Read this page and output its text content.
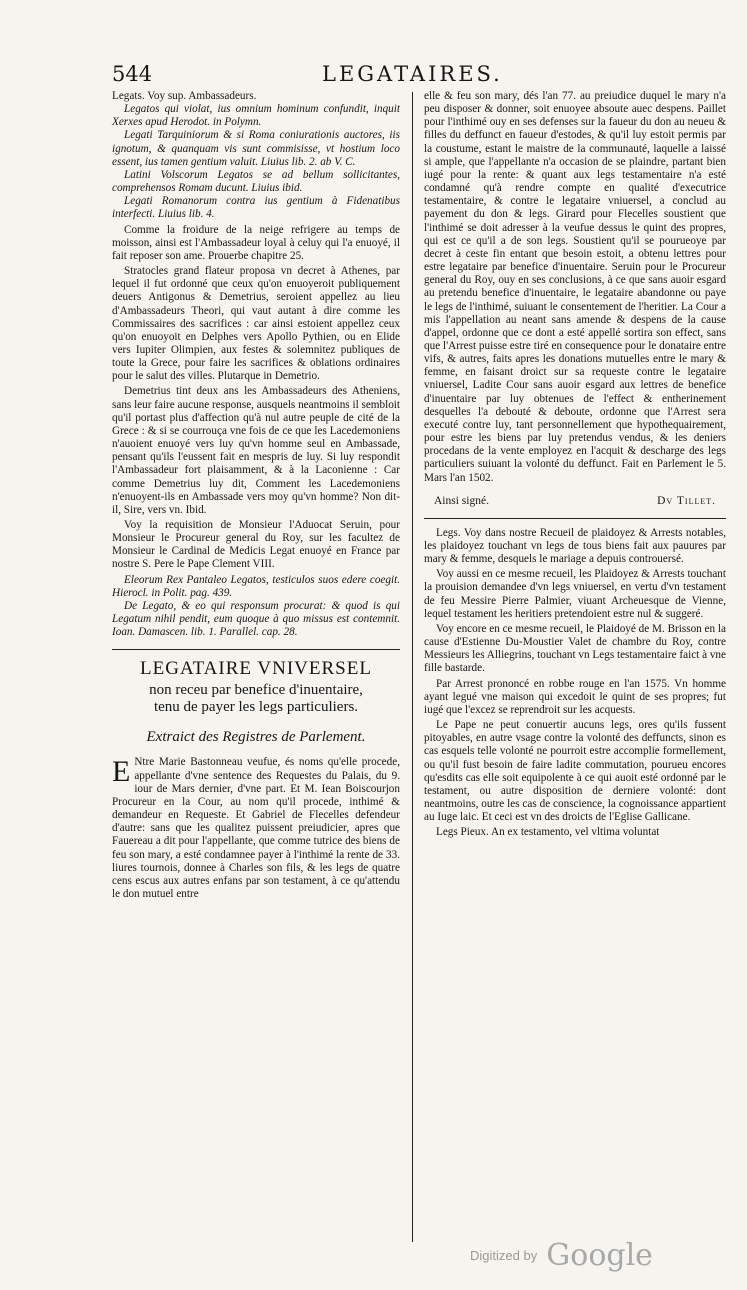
544	LEGATAIRES.

Legats. Voy sup. Ambassadeurs.

Legatos qui violat, ius omnium hominum confundit, inquit Xerxes apud Herodot. in Polymn.

Legati Tarquiniorum & si Roma coniurationis auctores, iis ignotum, & quanquam vis sunt commisisse, vt hostium loco essent, ius tamen gentium valuit. Liuius lib. 2. ab V. C.

Latini Volscorum Legatos se ad bellum sollicitantes, comprehensos Romam ducunt. Liuius ibid.

Legati Romanorum contra ius gentium à Fidenatibus interfecti. Liuius lib. 4.

Comme la froidure de la neige refrigere au temps de moisson, ainsi est l'Ambassadeur loyal à celuy qui l'a enuoyé, il fait reposer son ame. Prouerbe chapitre 25.

Stratocles grand flateur proposa vn decret à Athenes, par lequel il fut ordonné que ceux qu'on enuoyeroit publiquement deuers Antigonus & Demetrius, seroient appellez au lieu d'Ambassadeurs Theori, qui vaut autant à dire comme les Commissaires des sacrifices : car ainsi estoient appellez ceux qu'on enuoyoit en Delphes vers Apollo Pythien, ou en Elide vers Iupiter Olimpien, aux festes & solemnitez publiques de toute la Grece, pour faire les sacrifices & oblations ordinaires pour le salut des villes. Plutarque in Demetrio.

Demetrius tint deux ans les Ambassadeurs des Atheniens, sans leur faire aucune response, ausquels neantmoins il sembloit qu'il portast plus d'affection qu'à nul autre peuple de cité de la Grece : & si se courrouça vne fois de ce que les Lacedemoniens n'auoient enuoyé vers luy qu'vn homme seul en Ambassade, pensant qu'ils l'eussent fait en mespris de luy. Si luy respondit l'Ambassadeur fort plaisamment, & à la Laconienne : Car comme Demetrius luy dit, Comment les Lacedemoniens n'enuoyent-ils en Ambassade vers moy qu'vn homme? Non dit-il, Sire, vers vn. Ibid.

Voy la requisition de Monsieur l'Aduocat Seruin, pour Monsieur le Procureur general du Roy, sur les facultez de Monsieur le Cardinal de Medicis Legat enuoyé en France par nostre S. Pere le Pape Clement VIII.

Eleorum Rex Pantaleo Legatos, testiculos suos edere coegit. Hierocl. in Polit. pag. 439.

De Legato, & eo qui responsum procurat: & quod is qui Legatum nihil pendit, eum quoque à quo missus est contemnit. Ioan. Damascen. lib. 1. Parallel. cap. 28.

LEGATAIRE VNIVERSEL
non receu par benefice d'inuentaire,
tenu de payer les legs particuliers.
Extraict des Registres de Parlement.

E Ntre Marie Bastonneau veufue, és noms qu'elle procede, appellante d'vne sentence des Requestes du Palais, du 9. iour de Mars dernier, d'vne part. Et M. Iean Boiscourjon Procureur en la Cour, au nom qu'il procede, inthimé & demandeur en Requeste. Et Gabriel de Flecelles defendeur d'autre: sans que les qualitez puissent preiudicier, apres que Fauereau a dit pour l'appellante, que comme tutrice des biens de feu son mary, a esté condamnee payer à l'inthimé la rente de 33. liures tournois, donnee à Charles son fils, & les legs de quatre cens escus aux autres enfans par son testament, à ce qu'attendu le don mutuel entre

elle & feu son mary, dés l'an 77. au preiudice duquel le mary n'a peu disposer & donner, soit enuoyee absoute auec despens. Paillet pour l'inthimé ouy en ses defenses sur la faueur du don au neueu & filles du deffunct en faueur d'estodes, & qu'il luy estoit permis par la coustume, estant le maistre de la communauté, laquelle a laissé si ample, que l'appellante n'a occasion de se plaindre, partant bien iugé pour la rente: & quant aux legs testamentaire n'a esté condamné qu'à rendre compte en qualité d'executrice testamentaire, & contre le legataire vniuersel, a conclud au payement du don & legs. Girard pour Flecelles soustient que l'inthimé se doit adresser à la veufue dessus le quint des propres, qui est ce qu'il a de son legs. Soustient qu'il se pourueoye par decret à ceste fin entant que besoin estoit, a obtenu lettres pour estre legataire par benefice d'inuentaire. Seruin pour le Procureur general du Roy, ouy en ses conclusions, à ce que sans auoir esgard au pretendu benefice d'inuentaire, le legataire abandonne ou paye le legs de l'inthimé, suiuant le consentement de l'heritier. La Cour a mis l'appellation au neant sans amende & despens de la cause d'appel, ordonne que ce dont a esté appellé sortira son effect, sans que l'Arrest puisse estre tiré en consequence pour le donataire entre vifs, & autres, faits apres les donations mutuelles entre le mary & femme, en faisant droict sur sa requeste contre le legataire vniuersel, Ladite Cour sans auoir esgard aux lettres de benefice d'inuentaire par luy obtenues de l'effect & entherinement desquelles l'a debouté & deboute, ordonne que l'Arrest sera executé contre luy, tant personnellement que hypothequairement, pour estre les biens par luy pretendus vendus, & les deniers procedans de la vente employez en l'acquit & descharge des legs particuliers suiuant la volonté du deffunct. Fait en Parlement le 5. Mars l'an 1502.

Ainsi signé.	Dv Tillet.

Legs. Voy dans nostre Recueil de plaidoyez & Arrests notables, les plaidoyez touchant vn legs de tous biens fait aux pauures par mary & femme, desquels le mariage a depuis controuersé.

Voy aussi en ce mesme recueil, les Plaidoyez & Arrests touchant la prouision demandee d'vn legs vniuersel, en vertu d'vn testament de feu Messire Pierre Palmier, viuant Archeuesque de Vienne, lequel testament les heritiers pretendoient estre nul & suggeré.

Voy encore en ce mesme recueil, le Plaidoyé de M. Brisson en la cause d'Estienne Du-Moustier Valet de chambre du Roy, contre Messieurs les Alliegrins, touchant vn Legs testamentaire faict à vne fille bastarde.

Par Arrest prononcé en robbe rouge en l'an 1575. Vn homme ayant legué vne maison qui excedoit le quint de ses propres; fut iugé que l'excez se reprendroit sur les acquests.

Le Pape ne peut conuertir aucuns legs, ores qu'ils fussent pitoyables, en autre vsage contre la volonté des deffuncts, sinon es cas esquels telle volonté ne pourroit estre accomplie formellement, ou qu'il fust besoin de faire ladite commutation, pourueu encores qu'esdits cas elle soit equipolente à ce qui auoit esté ordonné par le testament, ou autre disposition de derniere volonté: dont neantmoins, outre les cas de conscience, la cognoissance appartient au Iuge laic. Et ceci est vn des droicts de l'Eglise Gallicane.

Legs Pieux. An ex testamento, vel vltima voluntat

Digitized by Google
